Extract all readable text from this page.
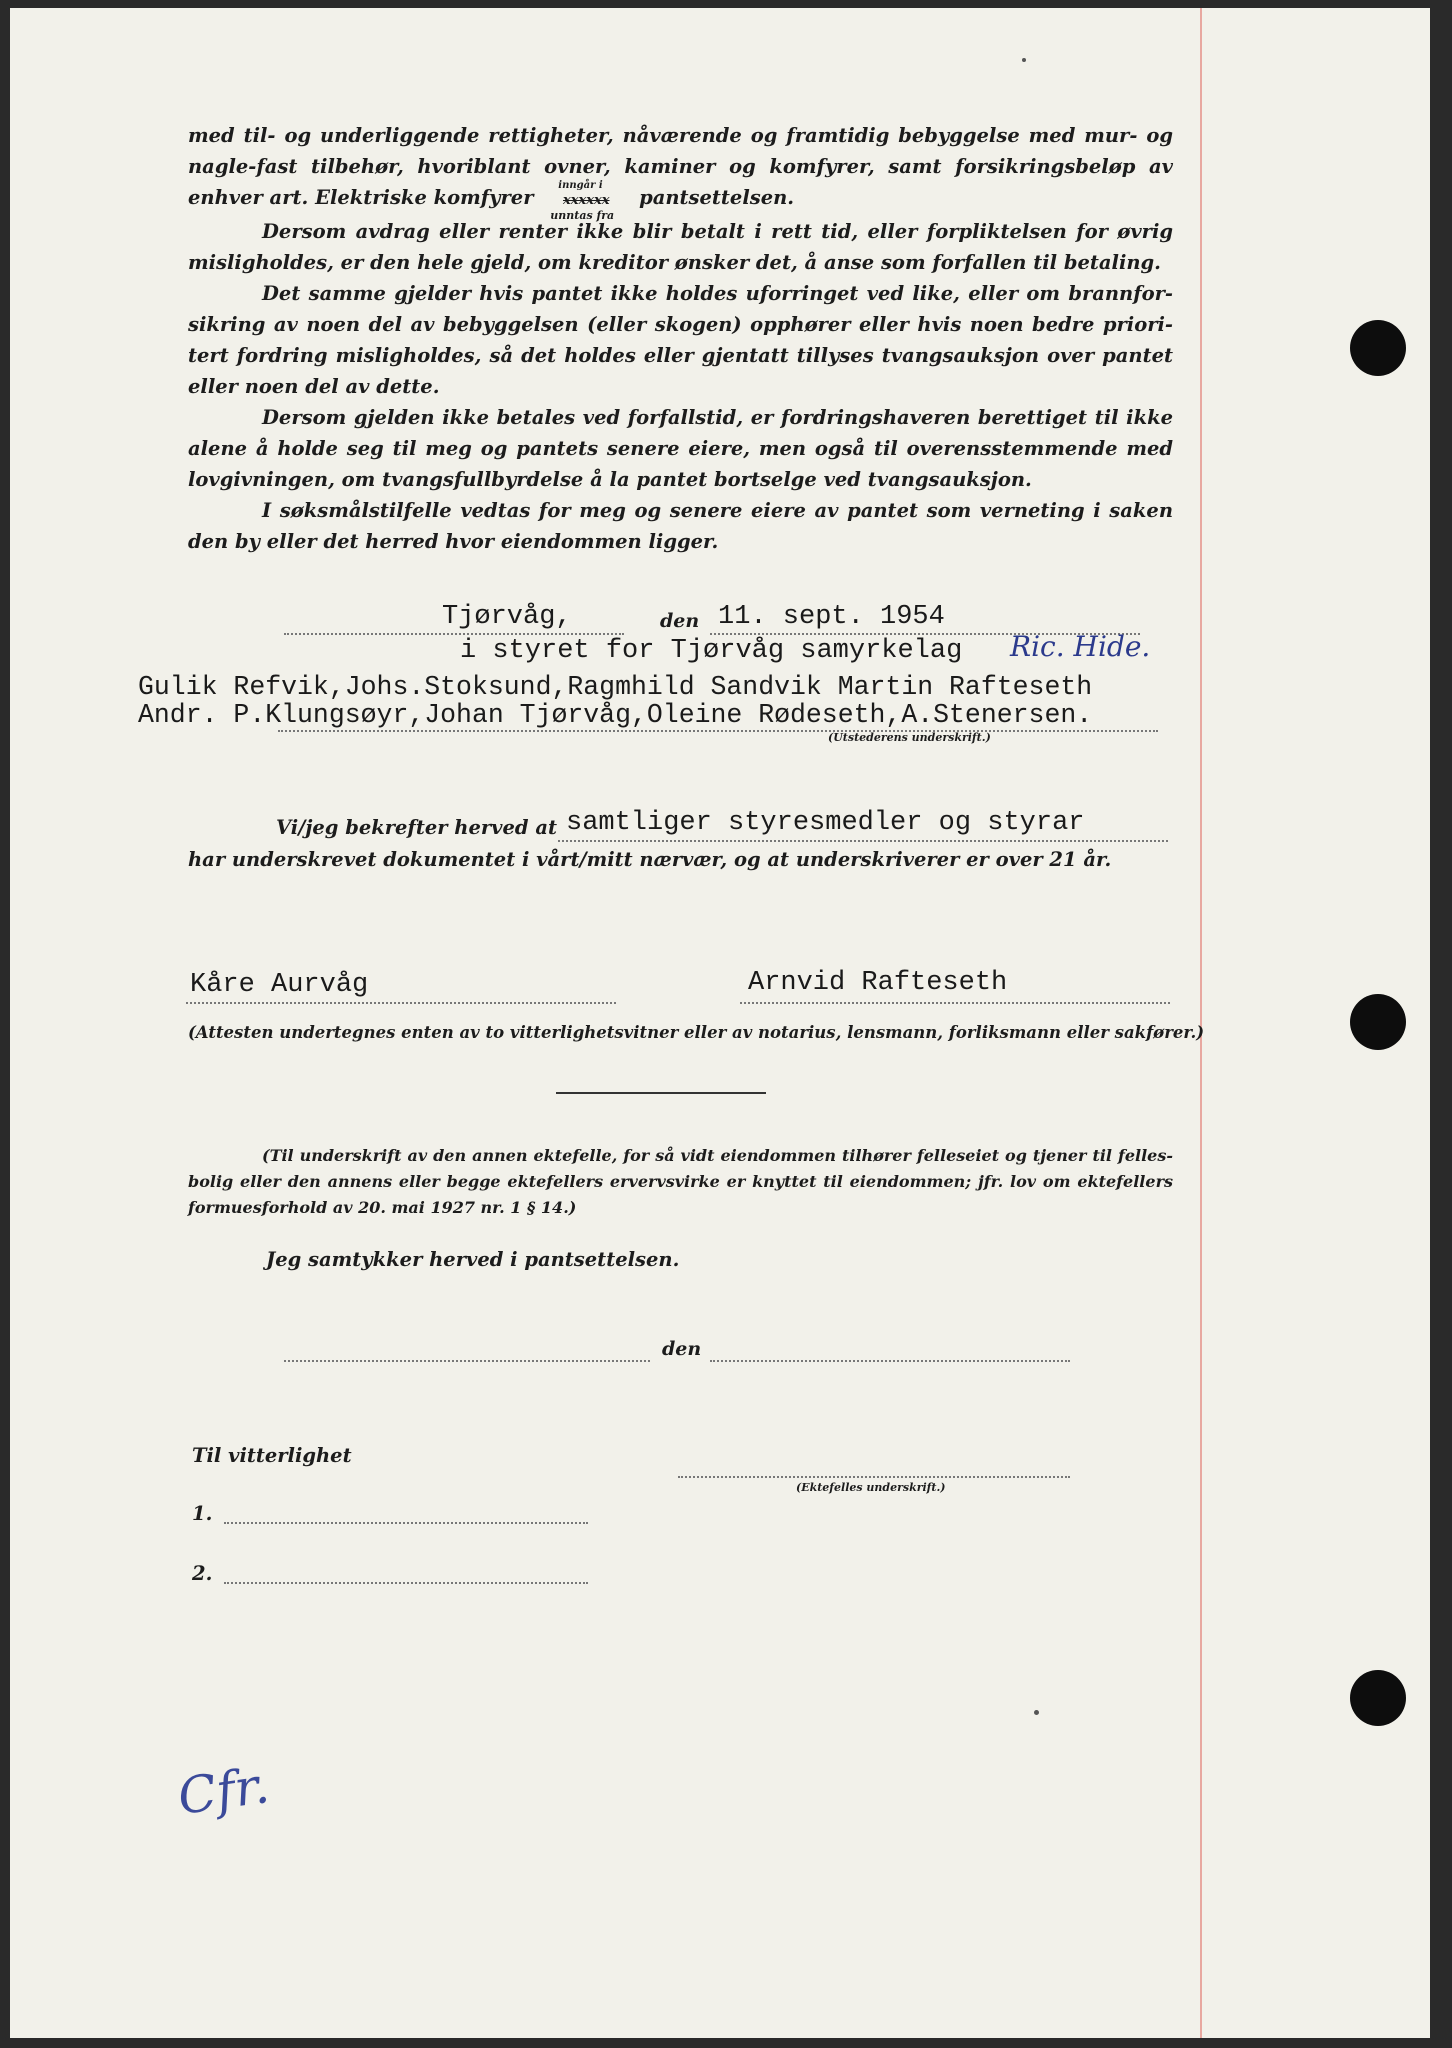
med til- og underliggende rettigheter, nåværende og framtidig bebyggelse med mur- og nagle-fast tilbehør, hvoriblant ovner, kaminer og komfyrer, samt forsikringsbeløp av enhver art. Elektriske komfyrer
inngår i
xxxxxx
unntas fra
pantsettelsen.

Dersom avdrag eller renter ikke blir betalt i rett tid, eller forpliktelsen for øvrig misligholdes, er den hele gjeld, om kreditor ønsker det, å anse som forfallen til betaling.

Det samme gjelder hvis pantet ikke holdes uforringet ved like, eller om brannfor-sikring av noen del av bebyggelsen (eller skogen) opphører eller hvis noen bedre priori-tert fordring misligholdes, så det holdes eller gjentatt tillyses tvangsauksjon over pantet eller noen del av dette.

Dersom gjelden ikke betales ved forfallstid, er fordringshaveren berettiget til ikke alene å holde seg til meg og pantets senere eiere, men også til overensstemmende med lovgivningen, om tvangsfullbyrdelse å la pantet bortselge ved tvangsauksjon.

I søksmålstilfelle vedtas for meg og senere eiere av pantet som verneting i saken den by eller det herred hvor eiendommen ligger.

Tjørvåg,	den 11. sept. 1954
i styret for Tjørvåg samyrkelag Ric. Hide.
Gulik Refvik,Johs.Stoksund,Ragmhild Sandvik Martin Rafteseth
Andr. P.Klungsøyr,Johan Tjørvåg,Oleine Rødeseth,A.Stenersen.
(Utstederens underskrift.)
Vi/jeg bekrefter herved at samtliger styresmedler og styrar
har underskrevet dokumentet i vårt/mitt nærvær, og at underskriverer er over 21 år.
Kåre Aurvåg	Arnvid Rafteseth
(Attesten undertegnes enten av to vitterlighetsvitner eller av notarius, lensmann, forliksmann eller sakfører.)
(Til underskrift av den annen ektefelle, for så vidt eiendommen tilhører felleseiet og tjener til felles-bolig eller den annens eller begge ektefellers ervervsvirke er knyttet til eiendommen; jfr. lov om ektefellers formuesforhold av 20. mai 1927 nr. 1 § 14.)
Jeg samtykker herved i pantsettelsen.
den
Til vitterlighet
(Ektefelles underskrift.)
1.
2.
Cfr.
